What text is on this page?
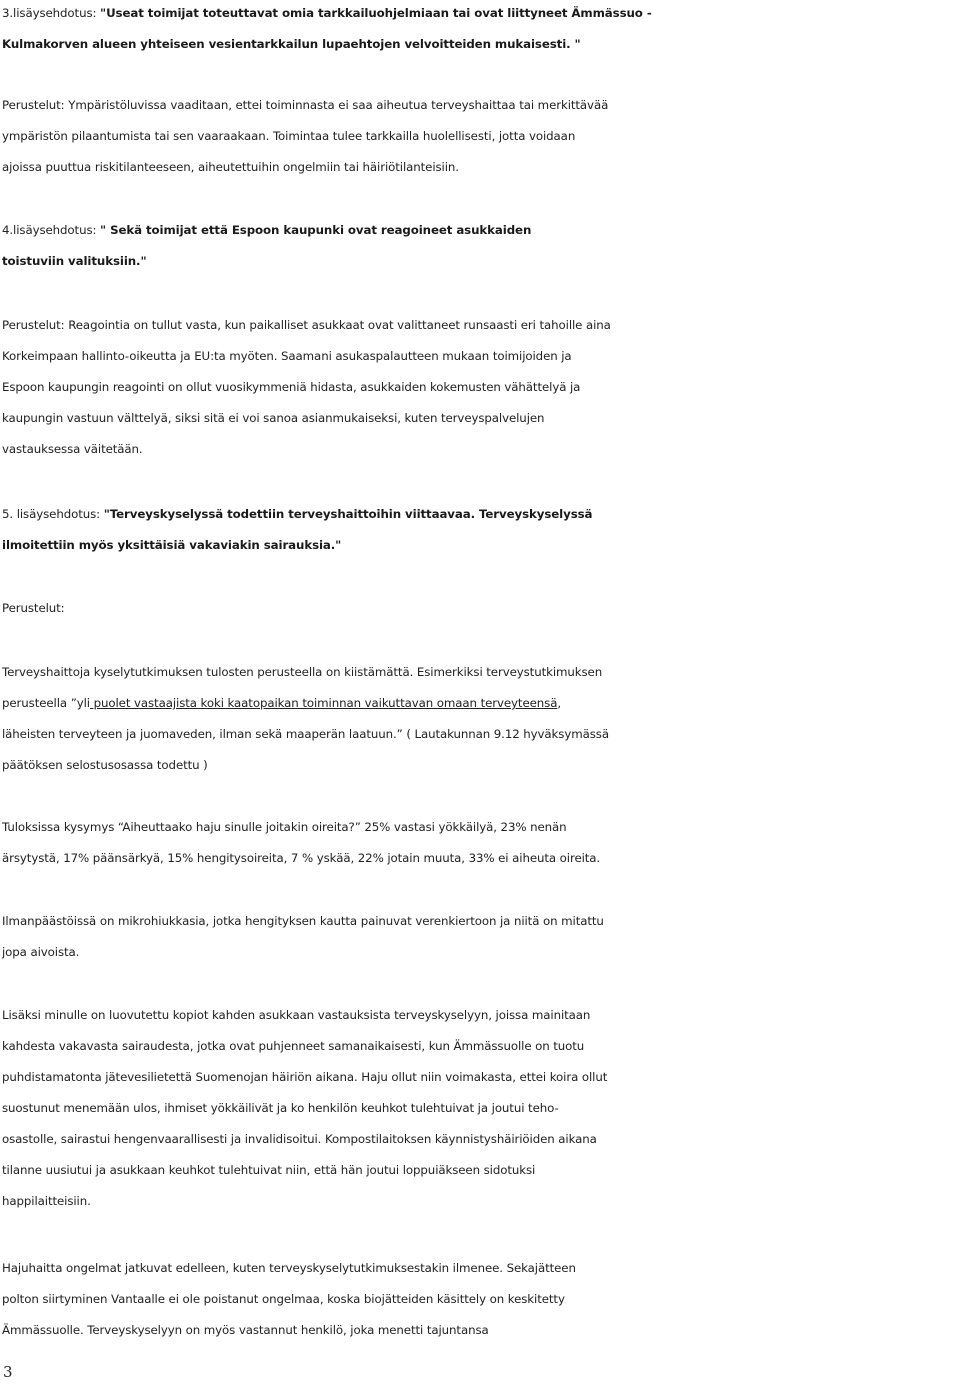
3.lisäysehdotus: "Useat toimijat toteuttavat omia tarkkailuohjelmiaan tai ovat liittyneet Ämmässuo -
Kulmakorven alueen yhteiseen vesientarkkailun lupaehtojen velvoitteiden mukaisesti. "

Perustelut: Ympäristöluvissa vaaditaan, ettei toiminnasta ei saa aiheutua terveyshaittaa tai merkittävää
ympäristön pilaantumista tai sen vaaraakaan. Toimintaa tulee tarkkailla huolellisesti, jotta voidaan
ajoissa puuttua riskitilanteeseen, aiheutettuihin ongelmiin tai häiriötilanteisiin.

4.lisäysehdotus: " Sekä toimijat että Espoon kaupunki ovat reagoineet asukkaiden
toistuviin valituksiin."

Perustelut: Reagointia on tullut vasta, kun paikalliset asukkaat ovat valittaneet runsaasti eri tahoille aina
Korkeimpaan hallinto-oikeutta ja EU:ta myöten. Saamani asukaspalautteen mukaan toimijoiden ja
Espoon kaupungin reagointi on ollut vuosikymmeniä hidasta, asukkaiden kokemusten vähättelyä ja
kaupungin vastuun välttelyä, siksi sitä ei voi sanoa asianmukaiseksi, kuten terveyspalvelujen
vastauksessa väitetään.

5. lisäysehdotus: "Terveyskyselyssä todettiin terveyshaittoihin viittaavaa. Terveyskyselyssä
ilmoitettiin myös yksittäisiä vakaviakin sairauksia."

Perustelut:

Terveyshaittoja kyselytutkimuksen tulosten perusteella on kiistämättä. Esimerkiksi terveystutkimuksen
perusteella ”yli puolet vastaajista koki kaatopaikan toiminnan vaikuttavan omaan terveyteensä,
läheisten terveyteen ja juomaveden, ilman sekä maaperän laatuun.” ( Lautakunnan 9.12 hyväksymässä
päätöksen selostusosassa todettu )

Tuloksissa kysymys “Aiheuttaako haju sinulle joitakin oireita?” 25% vastasi yökkäilyä, 23% nenän
ärsytystä, 17% päänsärkyä, 15% hengitysoireita, 7 % yskää, 22% jotain muuta, 33% ei aiheuta oireita.

Ilmanpäästöissä on mikrohiukkasia, jotka hengityksen kautta painuvat verenkiertoon ja niitä on mitattu
jopa aivoista.

Lisäksi minulle on luovutettu kopiot kahden asukkaan vastauksista terveyskyselyyn, joissa mainitaan
kahdesta vakavasta sairaudesta, jotka ovat puhjenneet samanaikaisesti, kun Ämmässuolle on tuotu
puhdistamatonta jätevesilietettä Suomenojan häiriön aikana. Haju ollut niin voimakasta, ettei koira ollut
suostunut menemään ulos, ihmiset yökkäilivät ja ko henkilön keuhkot tulehtuivat ja joutui teho-
osastolle, sairastui hengenvaarallisesti ja invalidisoitui. Kompostilaitoksen käynnistyshäiriöiden aikana
tilanne uusiutui ja asukkaan keuhkot tulehtuivat niin, että hän joutui loppuiäkseen sidotuksi
happilaitteisiin.

Hajuhaitta ongelmat jatkuvat edelleen, kuten terveyskyselytutkimuksestakin ilmenee. Sekajätteen
polton siirtyminen Vantaalle ei ole poistanut ongelmaa, koska biojätteiden käsittely on keskitetty
Ämmässuolle. Terveyskyselyyn on myös vastannut henkilö, joka menetti tajuntansa

3
